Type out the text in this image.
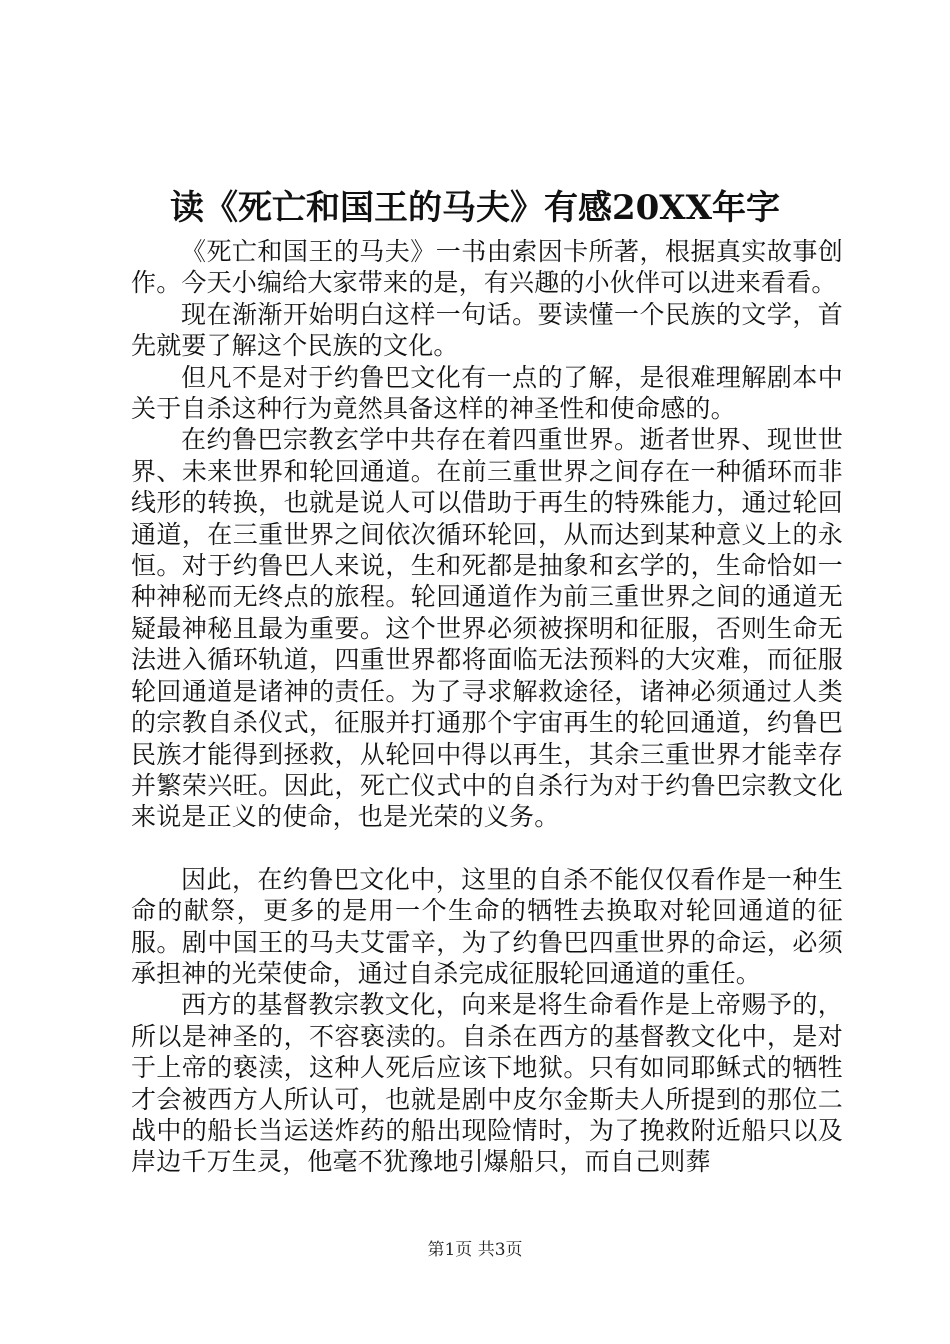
读《死亡和国王的马夫》有感20XX年字

《死亡和国王的马夫》一书由索因卡所著，根据真实故事创作。今天小编给大家带来的是，有兴趣的小伙伴可以进来看看。

现在渐渐开始明白这样一句话。要读懂一个民族的文学，首先就要了解这个民族的文化。

但凡不是对于约鲁巴文化有一点的了解，是很难理解剧本中关于自杀这种行为竟然具备这样的神圣性和使命感的。

在约鲁巴宗教玄学中共存在着四重世界。逝者世界、现世世界、未来世界和轮回通道。在前三重世界之间存在一种循环而非线形的转换，也就是说人可以借助于再生的特殊能力，通过轮回通道，在三重世界之间依次循环轮回，从而达到某种意义上的永恒。对于约鲁巴人来说，生和死都是抽象和玄学的，生命恰如一种神秘而无终点的旅程。轮回通道作为前三重世界之间的通道无疑最神秘且最为重要。这个世界必须被探明和征服，否则生命无法进入循环轨道，四重世界都将面临无法预料的大灾难，而征服轮回通道是诸神的责任。为了寻求解救途径，诸神必须通过人类的宗教自杀仪式，征服并打通那个宇宙再生的轮回通道，约鲁巴民族才能得到拯救，从轮回中得以再生，其余三重世界才能幸存并繁荣兴旺。因此，死亡仪式中的自杀行为对于约鲁巴宗教文化来说是正义的使命，也是光荣的义务。

因此，在约鲁巴文化中，这里的自杀不能仅仅看作是一种生命的献祭，更多的是用一个生命的牺牲去换取对轮回通道的征服。剧中国王的马夫艾雷辛，为了约鲁巴四重世界的命运，必须承担神的光荣使命，通过自杀完成征服轮回通道的重任。

西方的基督教宗教文化，向来是将生命看作是上帝赐予的，所以是神圣的，不容亵渎的。自杀在西方的基督教文化中，是对于上帝的亵渎，这种人死后应该下地狱。只有如同耶稣式的牺牲才会被西方人所认可，也就是剧中皮尔金斯夫人所提到的那位二战中的船长当运送炸药的船出现险情时，为了挽救附近船只以及岸边千万生灵，他毫不犹豫地引爆船只，而自己则葬

第1页 共3页
